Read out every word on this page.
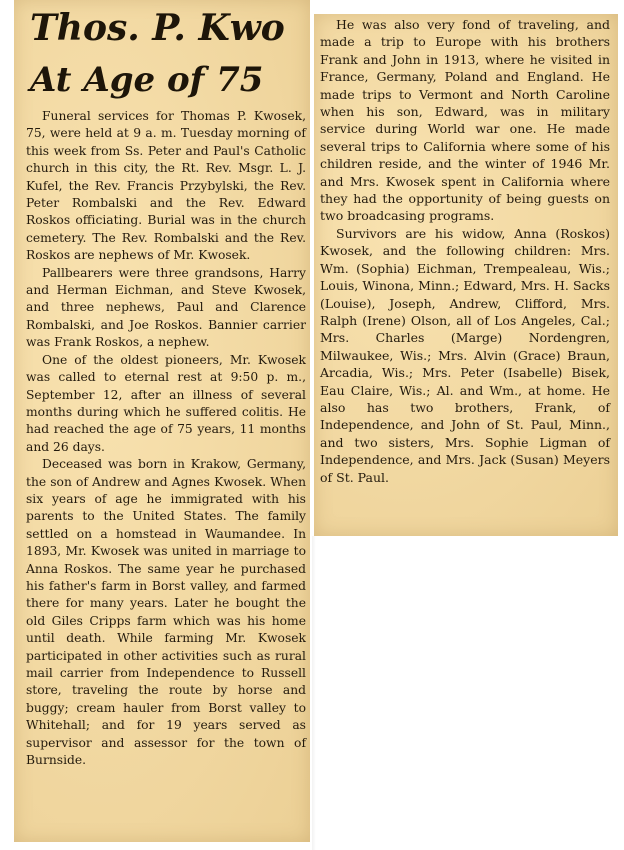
Thos. P. Kwo
At Age of 75

Funeral services for Thomas P. Kwosek, 75, were held at 9 a. m. Tuesday morning of this week from Ss. Peter and Paul's Catholic church in this city, the Rt. Rev. Msgr. L. J. Kufel, the Rev. Francis Przybylski, the Rev. Peter Rombalski and the Rev. Edward Roskos officiating. Burial was in the church cemetery. The Rev. Rombalski and the Rev. Roskos are nephews of Mr. Kwosek.

Pallbearers were three grandsons, Harry and Herman Eichman, and Steve Kwosek, and three nephews, Paul and Clarence Rombalski, and Joe Roskos. Bannier carrier was Frank Roskos, a nephew.

One of the oldest pioneers, Mr. Kwosek was called to eternal rest at 9:50 p. m., September 12, after an illness of several months during which he suffered colitis. He had reached the age of 75 years, 11 months and 26 days.

Deceased was born in Krakow, Germany, the son of Andrew and Agnes Kwosek. When six years of age he immigrated with his parents to the United States. The family settled on a homstead in Waumandee. In 1893, Mr. Kwosek was united in marriage to Anna Roskos. The same year he purchased his father's farm in Borst valley, and farmed there for many years. Later he bought the old Giles Cripps farm which was his home until death. While farming Mr. Kwosek participated in other activities such as rural mail carrier from Independence to Russell store, traveling the route by horse and buggy; cream hauler from Borst valley to Whitehall; and for 19 years served as supervisor and assessor for the town of Burnside.

He was also very fond of traveling, and made a trip to Europe with his brothers Frank and John in 1913, where he visited in France, Germany, Poland and England. He made trips to Vermont and North Caroline when his son, Edward, was in military service during World war one. He made several trips to California where some of his children reside, and the winter of 1946 Mr. and Mrs. Kwosek spent in California where they had the opportunity of being guests on two broadcasing programs.

Survivors are his widow, Anna (Roskos) Kwosek, and the following children: Mrs. Wm. (Sophia) Eichman, Trempealeau, Wis.; Louis, Winona, Minn.; Edward, Mrs. H. Sacks (Louise), Joseph, Andrew, Clifford, Mrs. Ralph (Irene) Olson, all of Los Angeles, Cal.; Mrs. Charles (Marge) Nordengren, Milwaukee, Wis.; Mrs. Alvin (Grace) Braun, Arcadia, Wis.; Mrs. Peter (Isabelle) Bisek, Eau Claire, Wis.; Al. and Wm., at home. He also has two brothers, Frank, of Independence, and John of St. Paul, Minn., and two sisters, Mrs. Sophie Ligman of Independence, and Mrs. Jack (Susan) Meyers of St. Paul.
